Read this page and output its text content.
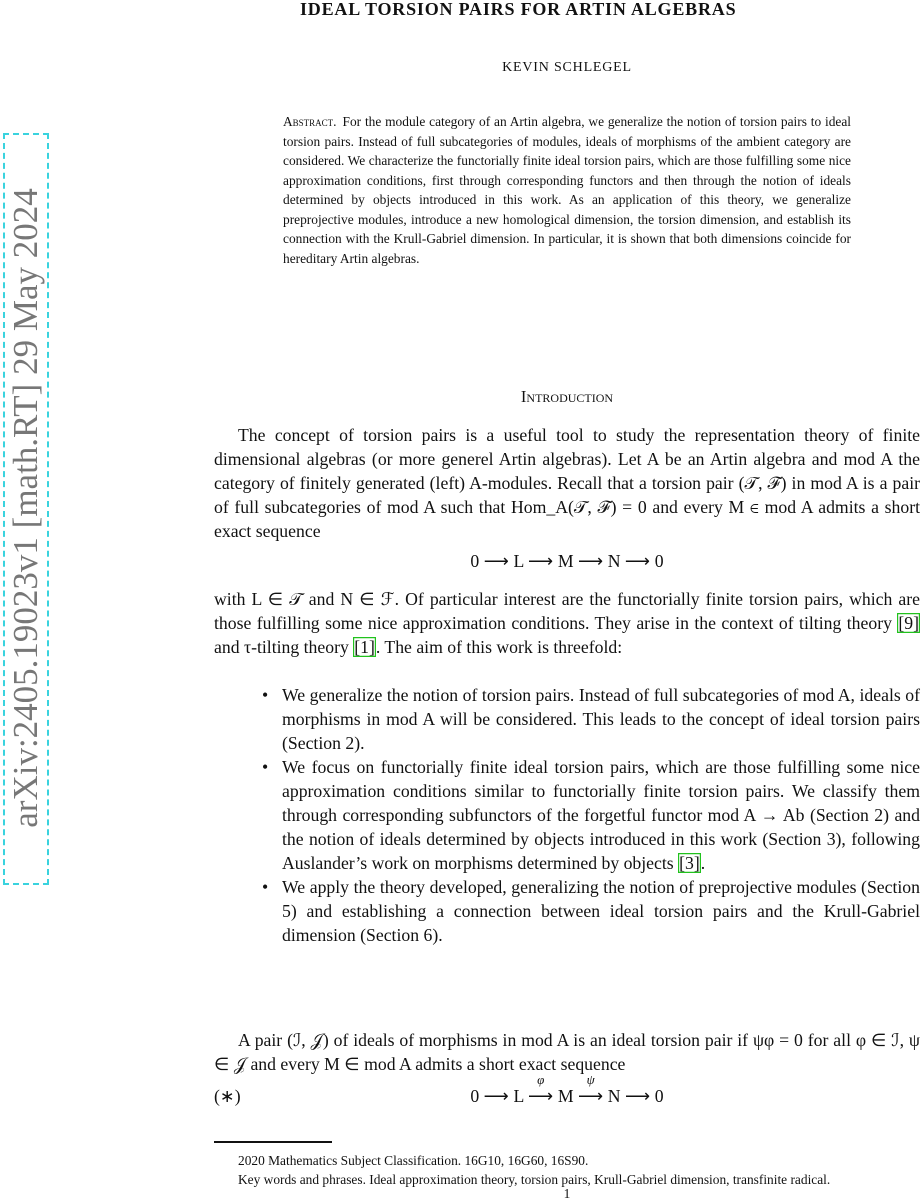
arXiv:2405.19023v1 [math.RT] 29 May 2024
IDEAL TORSION PAIRS FOR ARTIN ALGEBRAS
KEVIN SCHLEGEL
Abstract. For the module category of an Artin algebra, we generalize the notion of torsion pairs to ideal torsion pairs. Instead of full subcategories of modules, ideals of morphisms of the ambient category are considered. We characterize the functorially finite ideal torsion pairs, which are those fulfilling some nice approximation conditions, first through corresponding functors and then through the notion of ideals determined by objects introduced in this work. As an application of this theory, we generalize preprojective modules, introduce a new homological dimension, the torsion dimension, and establish its connection with the Krull-Gabriel dimension. In particular, it is shown that both dimensions coincide for hereditary Artin algebras.
Introduction
The concept of torsion pairs is a useful tool to study the representation theory of finite dimensional algebras (or more generel Artin algebras). Let A be an Artin algebra and mod A the category of finitely generated (left) A-modules. Recall that a torsion pair (𝒯, ℱ) in mod A is a pair of full subcategories of mod A such that Hom_A(𝒯, ℱ) = 0 and every M ∈ mod A admits a short exact sequence
0 ⟶ L ⟶ M ⟶ N ⟶ 0
with L ∈ 𝒯 and N ∈ ℱ. Of particular interest are the functorially finite torsion pairs, which are those fulfilling some nice approximation conditions. They arise in the context of tilting theory [9] and τ-tilting theory [1]. The aim of this work is threefold:
• We generalize the notion of torsion pairs. Instead of full subcategories of mod A, ideals of morphisms in mod A will be considered. This leads to the concept of ideal torsion pairs (Section 2).
• We focus on functorially finite ideal torsion pairs, which are those fulfilling some nice approximation conditions similar to functorially finite torsion pairs. We classify them through corresponding subfunctors of the forgetful functor mod A → Ab (Section 2) and the notion of ideals determined by objects introduced in this work (Section 3), following Auslander’s work on morphisms determined by objects [3].
• We apply the theory developed, generalizing the notion of preprojective modules (Section 5) and establishing a connection between ideal torsion pairs and the Krull-Gabriel dimension (Section 6).
A pair (ℐ, 𝒥) of ideals of morphisms in mod A is an ideal torsion pair if ψφ = 0 for all φ ∈ ℐ, ψ ∈ 𝒥 and every M ∈ mod A admits a short exact sequence
(∗)	0 ⟶ L
φ
⟶ M
ψ
⟶ N ⟶ 0
2020 Mathematics Subject Classification. 16G10, 16G60, 16S90.
Key words and phrases. Ideal approximation theory, torsion pairs, Krull-Gabriel dimension, transfinite radical.
1
